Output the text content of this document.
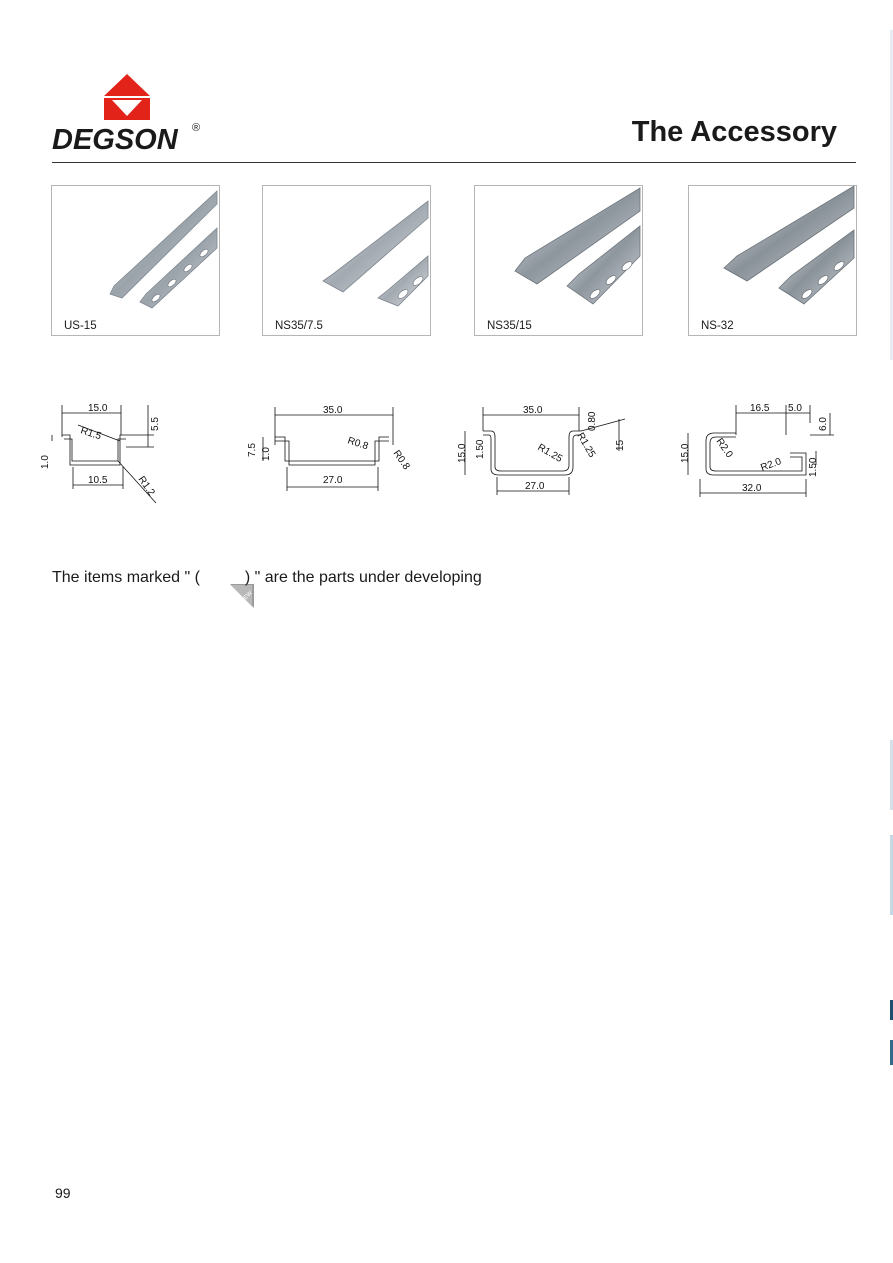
DEGSON ®	The Accessory
US-15	NS35/7.5	NS35/15	NS-32
15.0
5.5
R1.5
1.0
10.5	R1.2
35.0
7.5 1.0
R0.8
R0.8
27.0
35.0
0.80
15.0 1.50	R1.25 R1.25 15
27.0
16.5 5.0
6.0
15.0 R2.0
R2.0	1.50
32.0
The items marked " (

NEW

) " are the parts under developing
99
